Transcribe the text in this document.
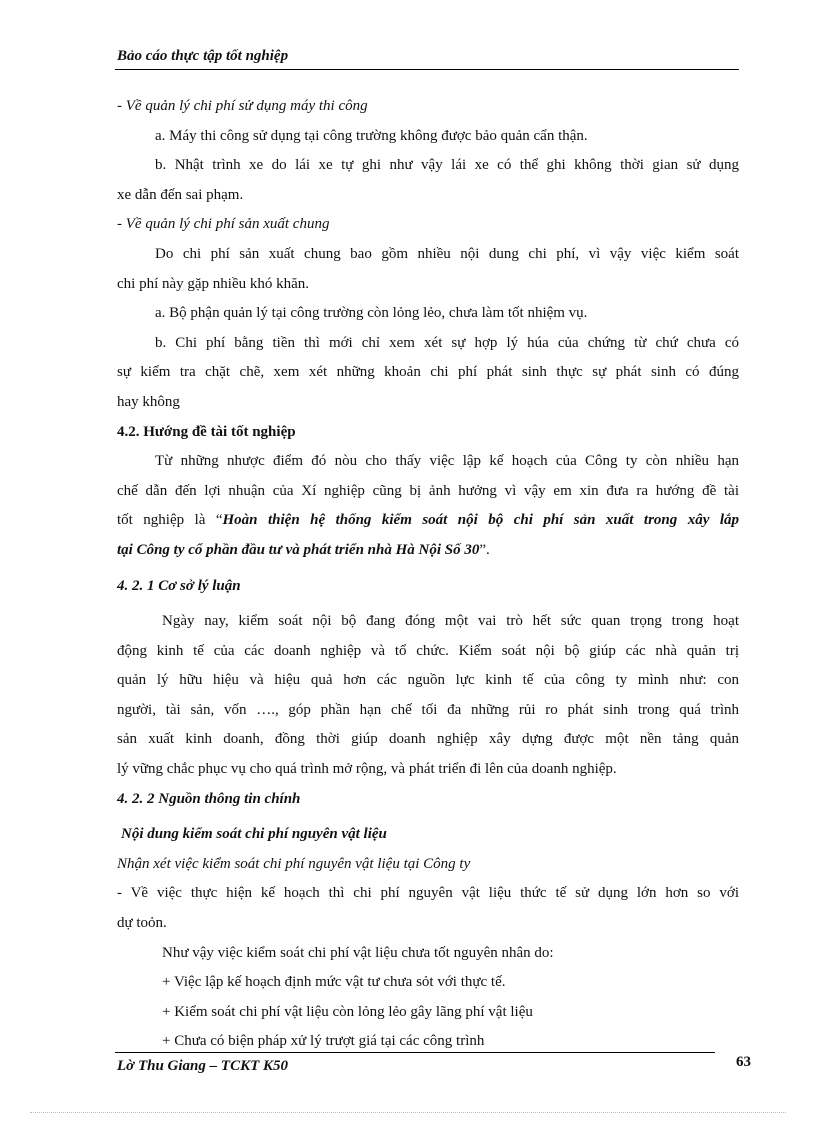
Bảo cáo thực tập tốt nghiệp

- Về quản lý chi phí sử dụng máy thi công

a. Máy thi công sử dụng tại công trường không được bảo quản cẩn thận.

b. Nhật trình xe do lái xe tự ghi như vậy lái xe có thể ghi không thời gian sử dụng

xe dẫn đến sai phạm.

- Về quản lý chi phí sản xuất chung

Do chi phí sản xuất chung bao gồm nhiều nội dung chi phí, vì vậy việc kiểm soát

chi phí này gặp nhiều khó khăn.

a. Bộ phận quản lý tại công trường còn lỏng lẻo, chưa làm tốt nhiệm vụ.

b. Chi phí bằng tiền thì mới chỉ xem xét sự hợp lý húa của chứng từ chứ chưa có

sự kiểm tra chặt chẽ, xem xét những khoản chi phí phát sinh thực sự phát sinh có đúng

hay không

4.2. Hướng đề tài tốt nghiệp

Từ những nhược điểm đó nòu cho thấy việc lập kế hoạch của Công ty còn nhiều hạn

chế dẫn đến lợi nhuận của Xí nghiệp cũng bị ảnh hưởng vì vậy em xin đưa ra hướng đề tài

tốt nghiệp là “Hoàn thiện hệ thống kiểm soát nội bộ chi phí sản xuất trong xây lắp

tại Công ty cổ phần đầu tư và phát triển nhà Hà Nội Số 30”.

4. 2. 1 Cơ sở lý luận

Ngày nay, kiểm soát nội bộ đang đóng một vai trò hết sức quan trọng trong hoạt

động kinh tế của các doanh nghiệp và tổ chức. Kiểm soát nội bộ giúp các nhà quản trị

quản lý hữu hiệu và hiệu quả hơn các nguồn lực kinh tế của công ty mình như: con

người, tài sản, vốn …., góp phần hạn chế tối đa những rủi ro phát sinh trong quá trình

sản xuất kinh doanh, đồng thời giúp doanh nghiệp xây dựng được một nền tảng quản

lý vững chắc phục vụ cho quá trình mở rộng, và phát triển đi lên của doanh nghiệp.

4. 2. 2 Nguồn thông tin chính

Nội dung kiểm soát chi phí nguyên vật liệu

Nhận xét việc kiểm soát chi phí nguyên vật liệu tại Công ty

- Về việc thực hiện kế hoạch thì chi phí nguyên vật liệu thức tế sử dụng lớn hơn so với

dự toỏn.

Như vậy việc kiểm soát chi phí vật liệu chưa tốt nguyên nhân do:

+ Việc lập kế hoạch định mức vật tư chưa sỏt với thực tế.

+ Kiểm soát chi phí vật liệu còn lỏng lẻo gây lãng phí vật liệu

+ Chưa có biện pháp xử lý trượt giá tại các công trình

Lờ Thu Giang – TCKT K50	63
